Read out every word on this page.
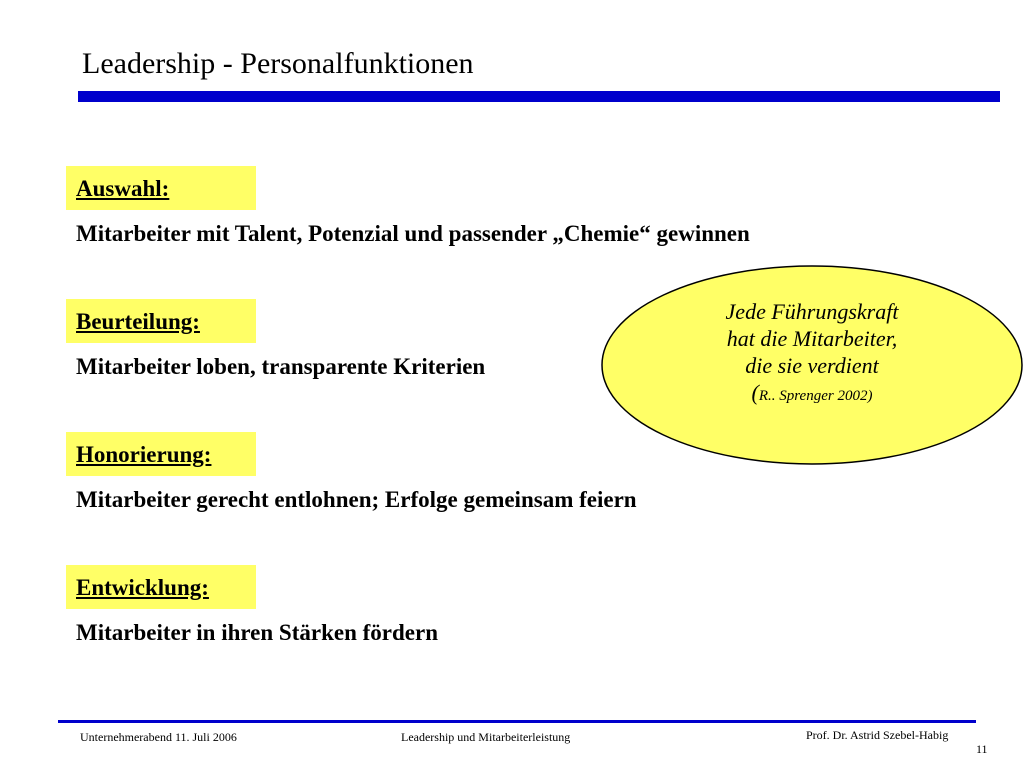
Leadership - Personalfunktionen
Auswahl:
Mitarbeiter mit Talent, Potenzial und passender „Chemie“ gewinnen
Beurteilung:
Mitarbeiter loben, transparente Kriterien
Honorierung:
Mitarbeiter gerecht entlohnen; Erfolge gemeinsam feiern
Entwicklung:
Mitarbeiter in ihren Stärken fördern
Jede Führungskraft
hat die Mitarbeiter,
die sie verdient
(R.. Sprenger 2002)
Unternehmerabend 11. Juli 2006	Leadership und Mitarbeiterleistung	Prof. Dr. Astrid Szebel-Habig
11
